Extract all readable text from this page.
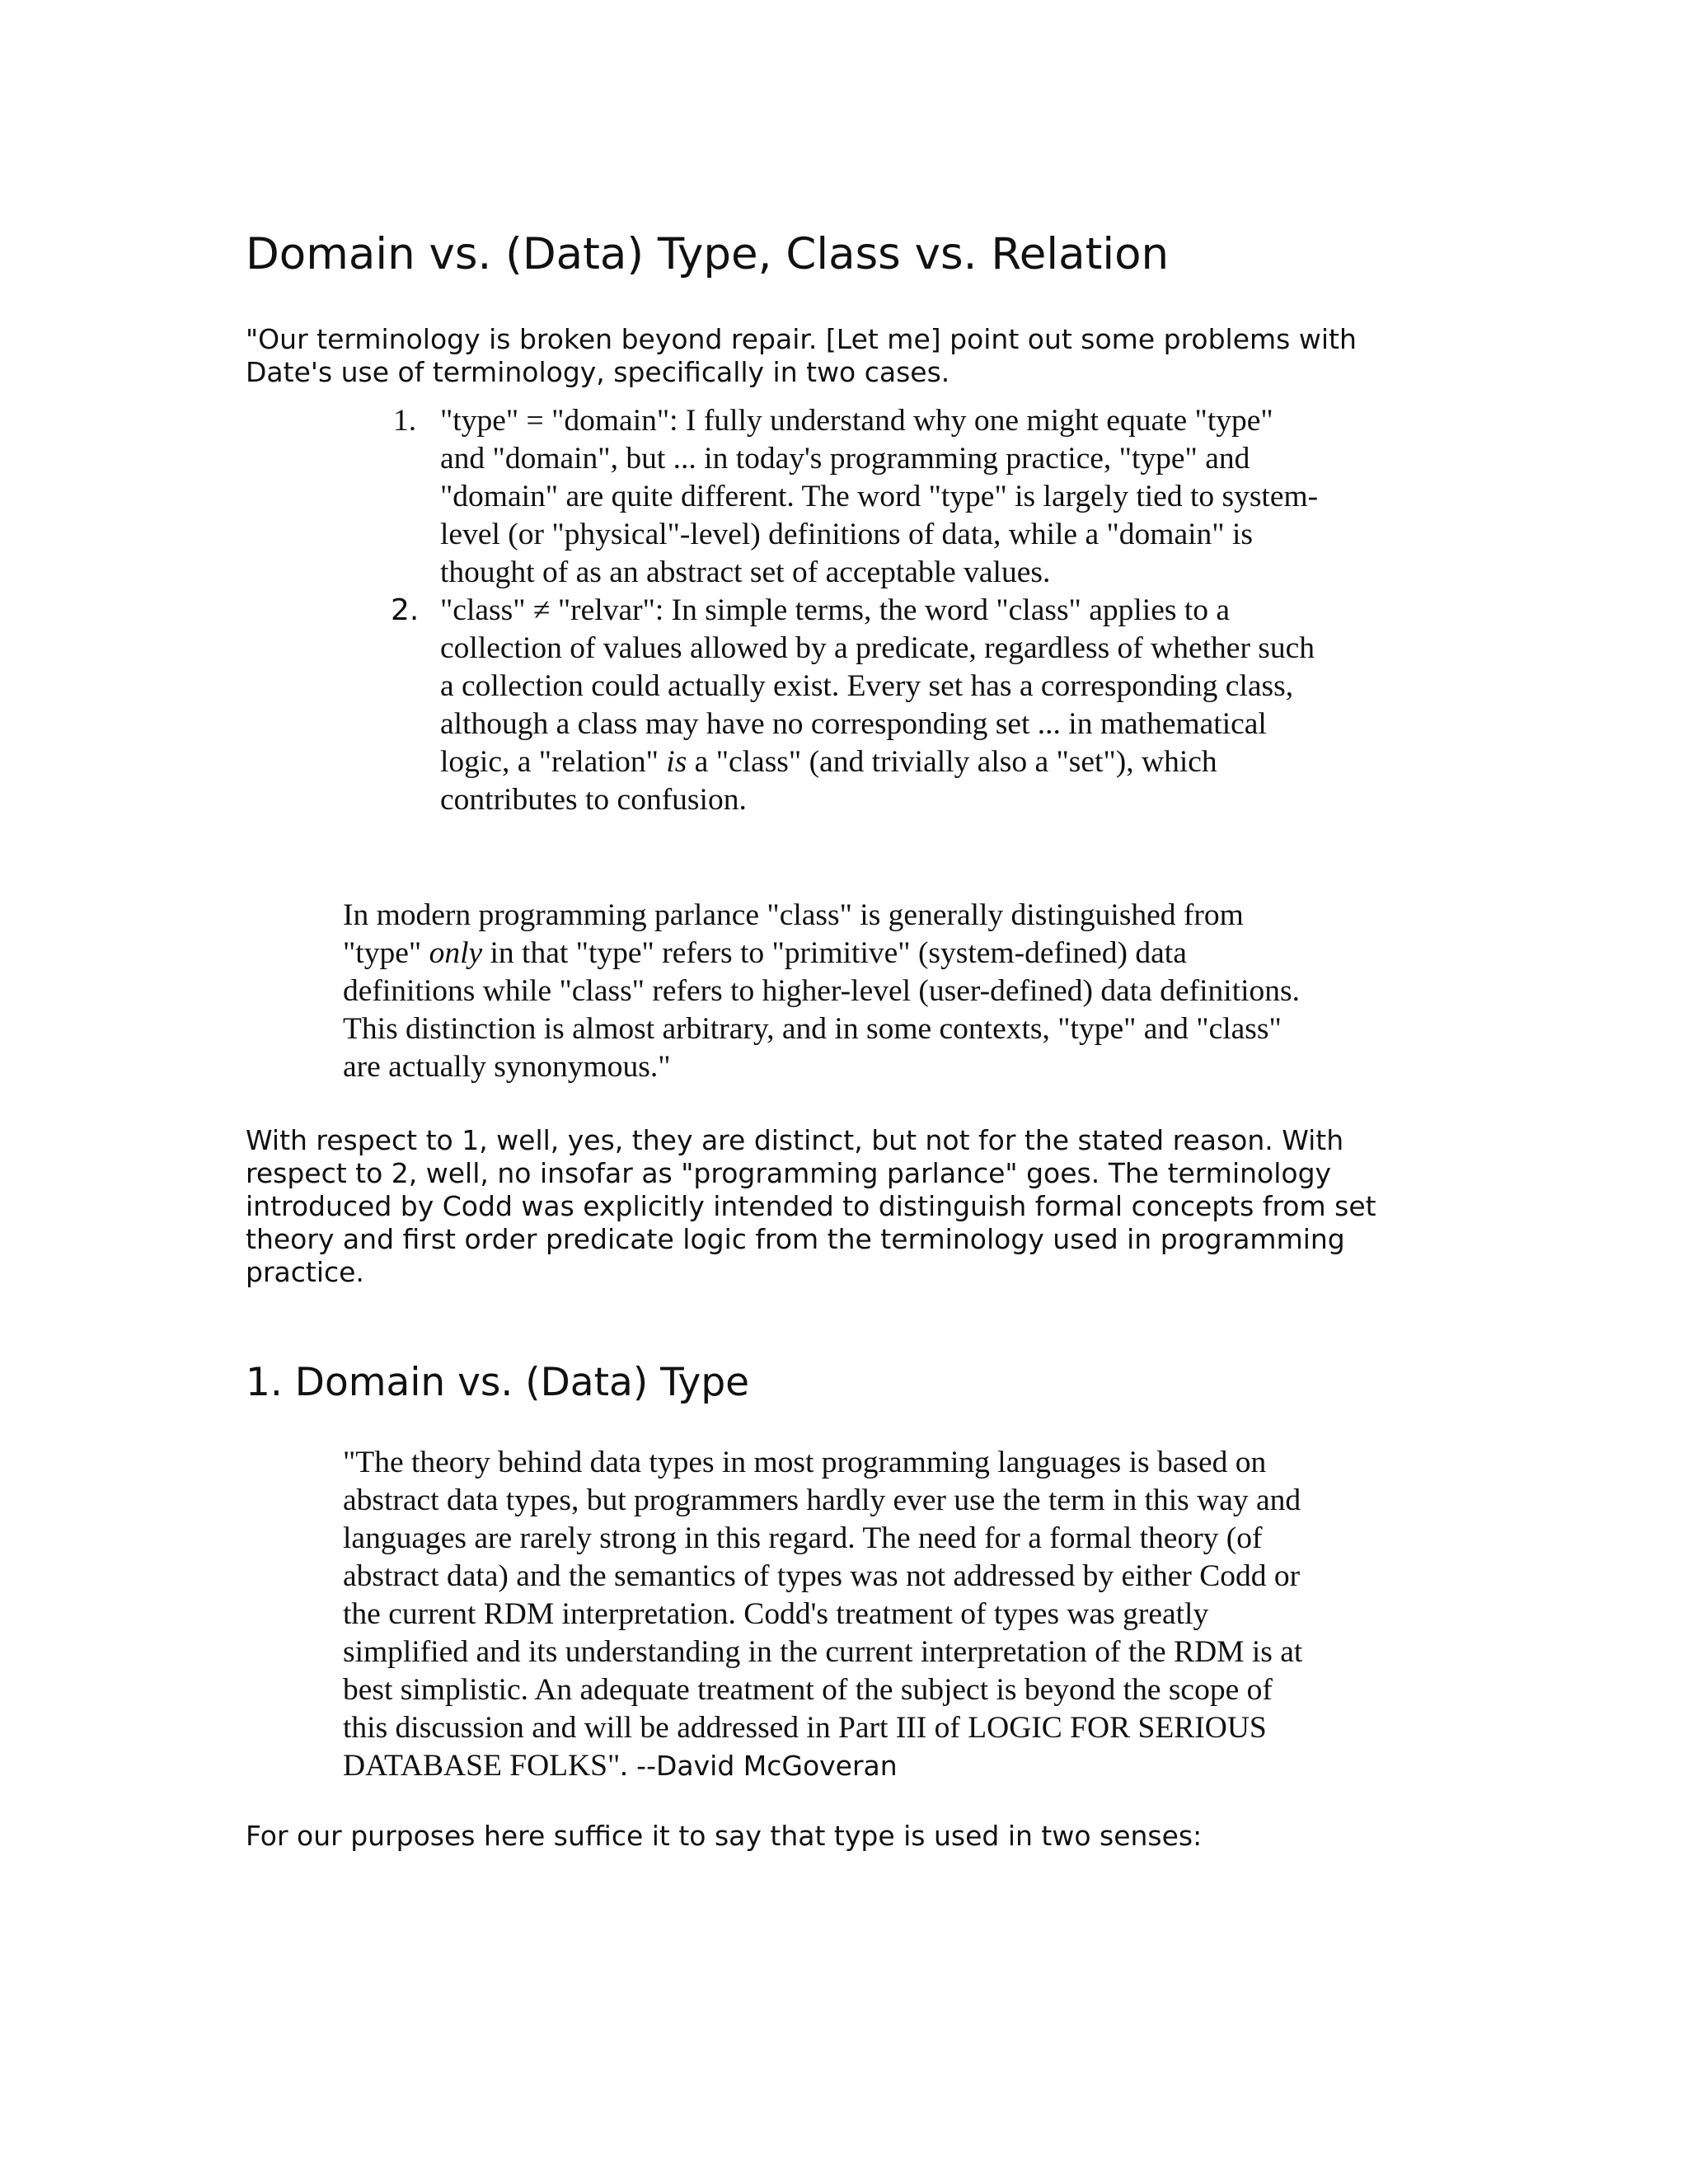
Domain vs. (Data) Type, Class vs. Relation

"Our terminology is broken beyond repair. [Let me] point out some problems with Date's use of terminology, specifically in two cases.

1. "type" = "domain": I fully understand why one might equate "type" and "domain", but ... in today's programming practice, "type" and "domain" are quite different. The word "type" is largely tied to system-level (or "physical"-level) definitions of data, while a "domain" is thought of as an abstract set of acceptable values.
2. "class" ≠ "relvar": In simple terms, the word "class" applies to a collection of values allowed by a predicate, regardless of whether such a collection could actually exist. Every set has a corresponding class, although a class may have no corresponding set ... in mathematical logic, a "relation" is a "class" (and trivially also a "set"), which contributes to confusion.

In modern programming parlance "class" is generally distinguished from "type" only in that "type" refers to "primitive" (system-defined) data definitions while "class" refers to higher-level (user-defined) data definitions. This distinction is almost arbitrary, and in some contexts, "type" and "class" are actually synonymous."

With respect to 1, well, yes, they are distinct, but not for the stated reason. With respect to 2, well, no insofar as "programming parlance" goes. The terminology introduced by Codd was explicitly intended to distinguish formal concepts from set theory and first order predicate logic from the terminology used in programming practice.

1. Domain vs. (Data) Type

"The theory behind data types in most programming languages is based on abstract data types, but programmers hardly ever use the term in this way and languages are rarely strong in this regard. The need for a formal theory (of abstract data) and the semantics of types was not addressed by either Codd or the current RDM interpretation. Codd's treatment of types was greatly simplified and its understanding in the current interpretation of the RDM is at best simplistic. An adequate treatment of the subject is beyond the scope of this discussion and will be addressed in Part III of LOGIC FOR SERIOUS DATABASE FOLKS". --David McGoveran

For our purposes here suffice it to say that type is used in two senses:
